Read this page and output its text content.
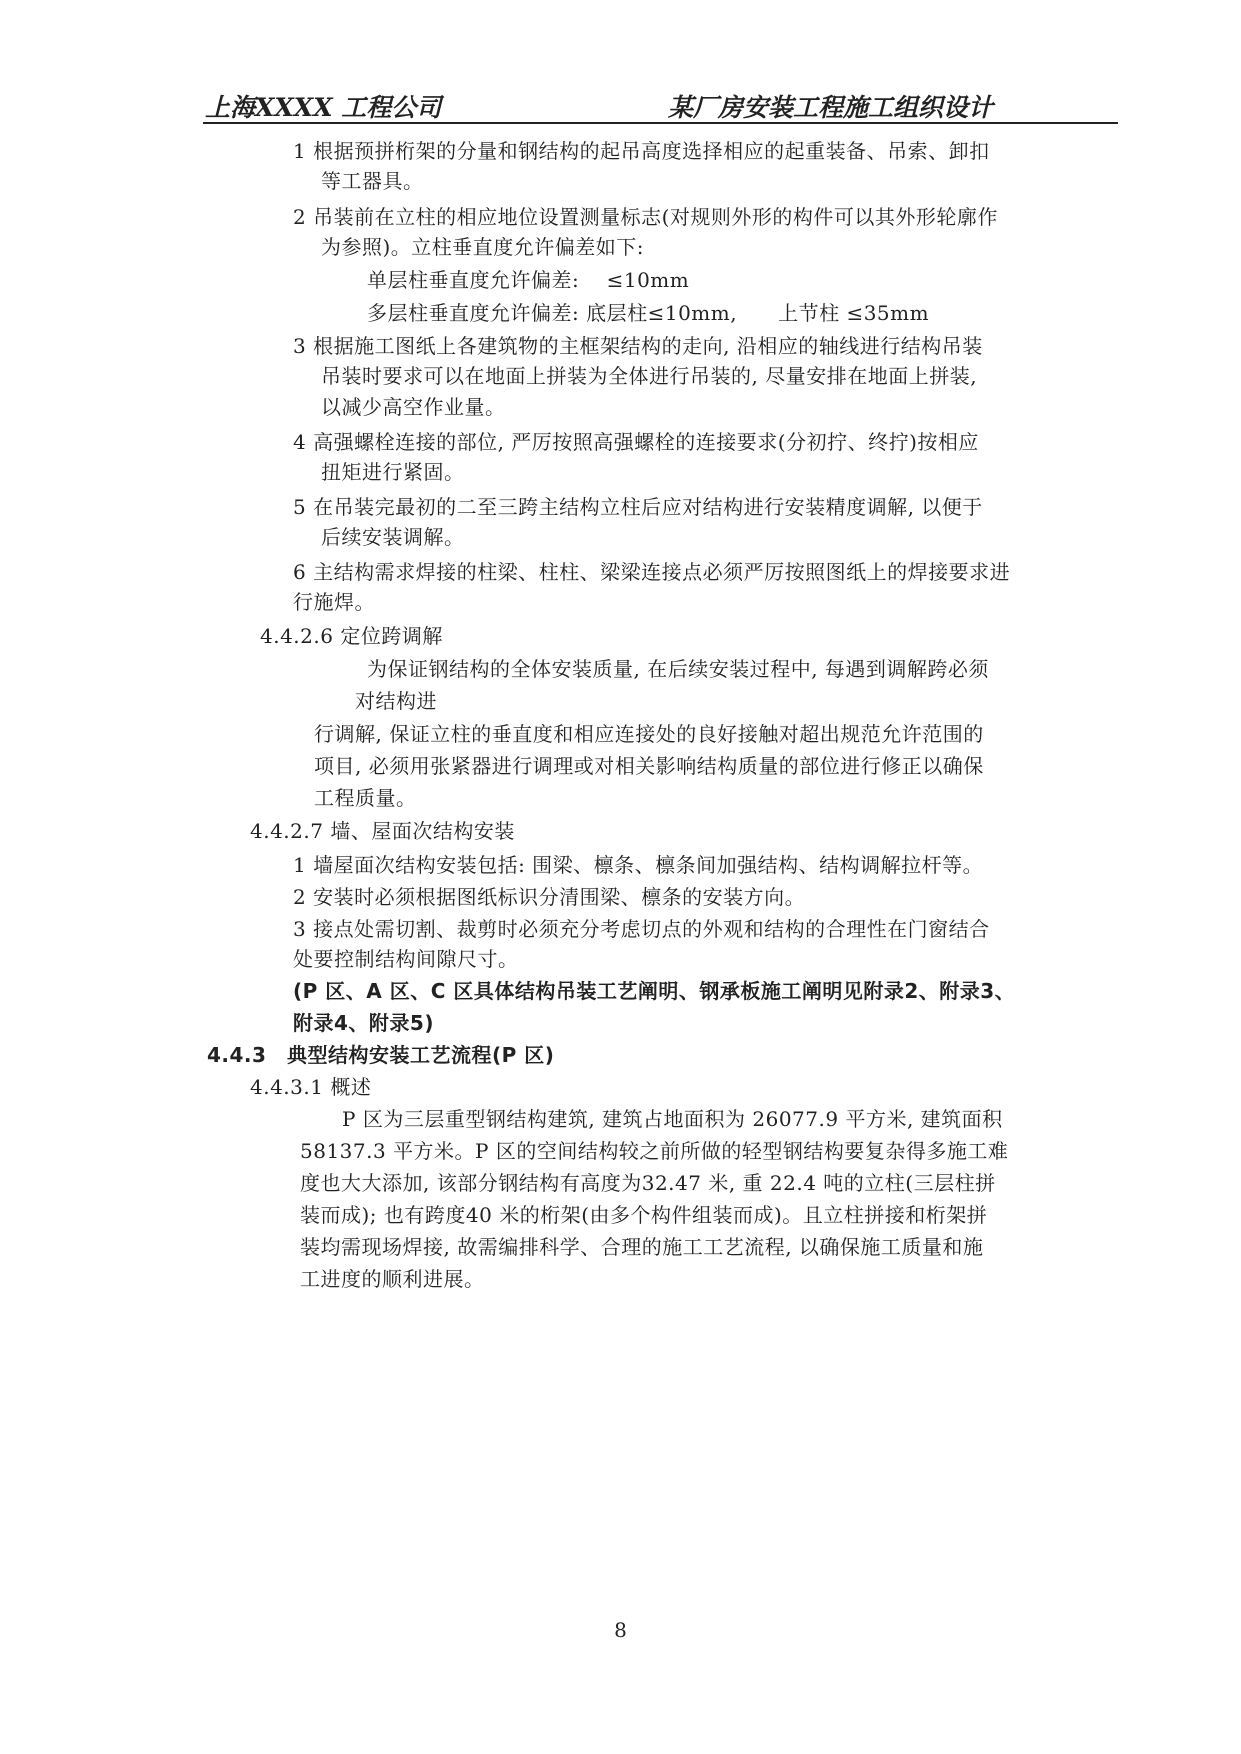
上海XXXX 工程公司	某厂房安装工程施工组织设计
1 根据预拼桁架的分量和钢结构的起吊高度选择相应的起重装备、吊索、卸扣
等工器具。
2 吊装前在立柱的相应地位设置测量标志(对规则外形的构件可以其外形轮廓作
为参照)。立柱垂直度允许偏差如下:
单层柱垂直度允许偏差:　 ≤10mm
多层柱垂直度允许偏差: 底层柱≤10mm,　　上节柱 ≤35mm
3 根据施工图纸上各建筑物的主框架结构的走向, 沿相应的轴线进行结构吊装
吊装时要求可以在地面上拼装为全体进行吊装的, 尽量安排在地面上拼装,
以减少高空作业量。
4 高强螺栓连接的部位, 严厉按照高强螺栓的连接要求(分初拧、终拧)按相应
扭矩进行紧固。
5 在吊装完最初的二至三跨主结构立柱后应对结构进行安装精度调解, 以便于
后续安装调解。
6 主结构需求焊接的柱梁、柱柱、梁梁连接点必须严厉按照图纸上的焊接要求进
行施焊。
4.4.2.6 定位跨调解
为保证钢结构的全体安装质量, 在后续安装过程中, 每遇到调解跨必须
对结构进
行调解, 保证立柱的垂直度和相应连接处的良好接触对超出规范允许范围的
项目, 必须用张紧器进行调理或对相关影响结构质量的部位进行修正以确保
工程质量。
4.4.2.7 墙、屋面次结构安装
1 墙屋面次结构安装包括: 围梁、檩条、檩条间加强结构、结构调解拉杆等。
2 安装时必须根据图纸标识分清围梁、檩条的安装方向。
3 接点处需切割、裁剪时必须充分考虑切点的外观和结构的合理性在门窗结合
处要控制结构间隙尺寸。
(P 区、A 区、C 区具体结构吊装工艺阐明、钢承板施工阐明见附录2、附录3、
附录4、附录5)
4.4.3　典型结构安装工艺流程(P 区)
4.4.3.1 概述
P 区为三层重型钢结构建筑, 建筑占地面积为 26077.9 平方米, 建筑面积
58137.3 平方米。P 区的空间结构较之前所做的轻型钢结构要复杂得多施工难
度也大大添加, 该部分钢结构有高度为32.47 米, 重 22.4 吨的立柱(三层柱拼
装而成); 也有跨度40 米的桁架(由多个构件组装而成)。且立柱拼接和桁架拼
装均需现场焊接, 故需编排科学、合理的施工工艺流程, 以确保施工质量和施
工进度的顺利进展。
8
